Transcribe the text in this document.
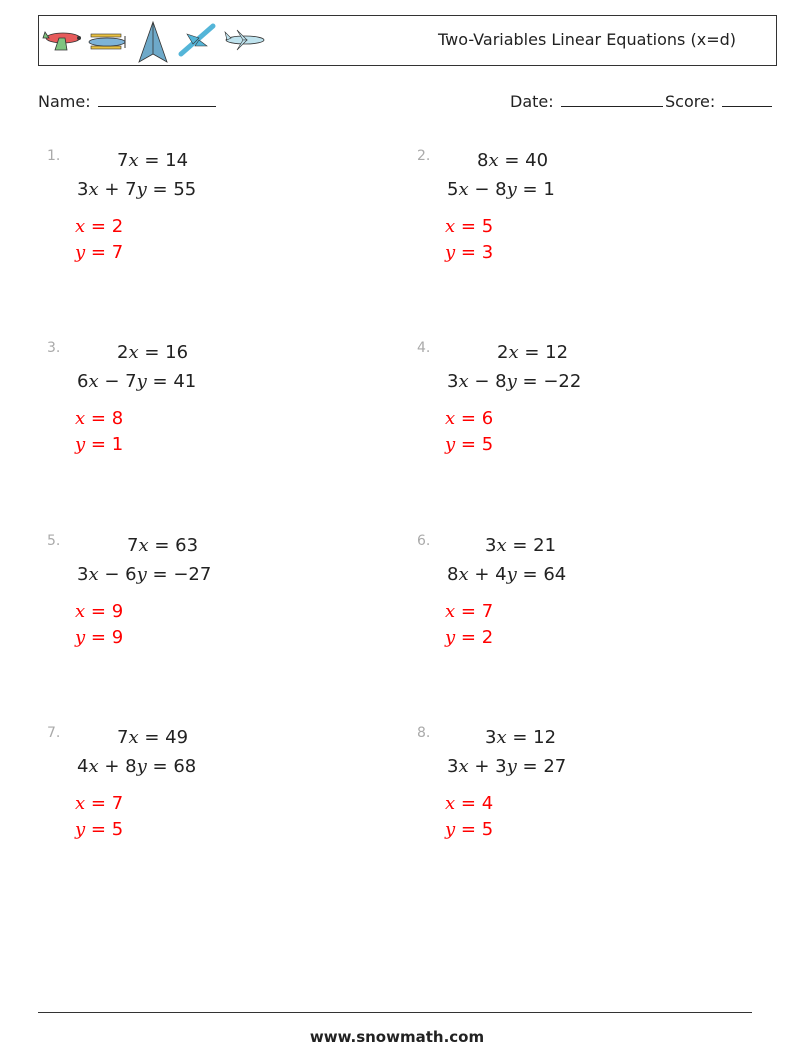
Two-Variables Linear Equations (x=d)
Name:	Date:	Score:
1.	7x = 14
3x + 7y = 55
x = 2
y = 7
2.	8x = 40
5x − 8y = 1
x = 5
y = 3
3.	2x = 16
6x − 7y = 41
x = 8
y = 1
4.	2x = 12
3x − 8y = −22
x = 6
y = 5
5.	7x = 63
3x − 6y = −27
x = 9
y = 9
6.	3x = 21
8x + 4y = 64
x = 7
y = 2
7.	7x = 49
4x + 8y = 68
x = 7
y = 5
8.	3x = 12
3x + 3y = 27
x = 4
y = 5
www.snowmath.com
